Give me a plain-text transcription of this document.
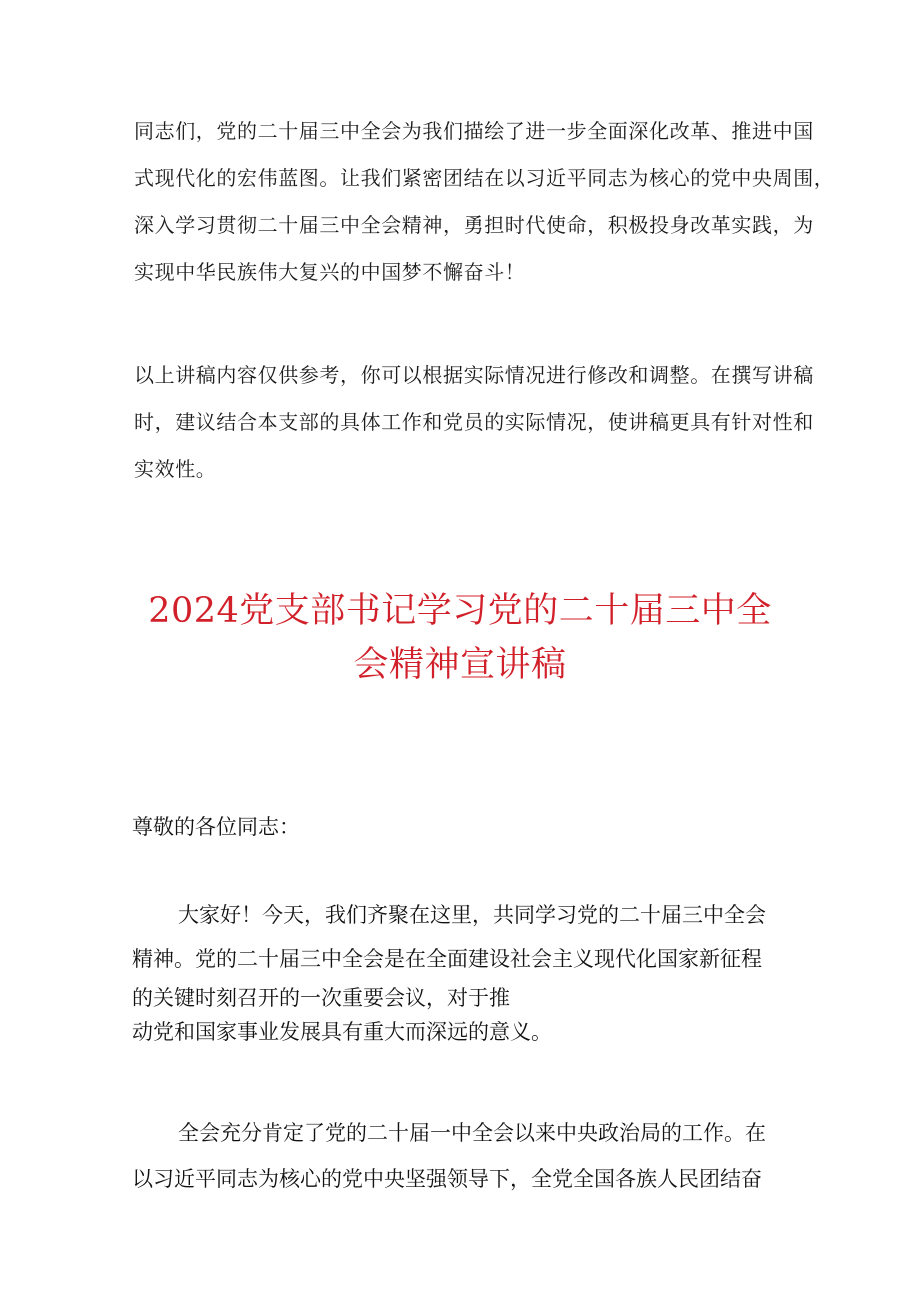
同志们，党的二十届三中全会为我们描绘了进一步全面深化改革、推进中国
式现代化的宏伟蓝图。让我们紧密团结在以习近平同志为核心的党中央周围，
深入学习贯彻二十届三中全会精神，勇担时代使命，积极投身改革实践，为
实现中华民族伟大复兴的中国梦不懈奋斗！
以上讲稿内容仅供参考，你可以根据实际情况进行修改和调整。在撰写讲稿
时，建议结合本支部的具体工作和党员的实际情况，使讲稿更具有针对性和
实效性。
2024党支部书记学习党的二十届三中全
会精神宣讲稿
尊敬的各位同志：
大家好！今天，我们齐聚在这里，共同学习党的二十届三中全会
精神。党的二十届三中全会是在全面建设社会主义现代化国家新征程
的关键时刻召开的一次重要会议，对于推
动党和国家事业发展具有重大而深远的意义。
全会充分肯定了党的二十届一中全会以来中央政治局的工作。在
以习近平同志为核心的党中央坚强领导下，全党全国各族人民团结奋
